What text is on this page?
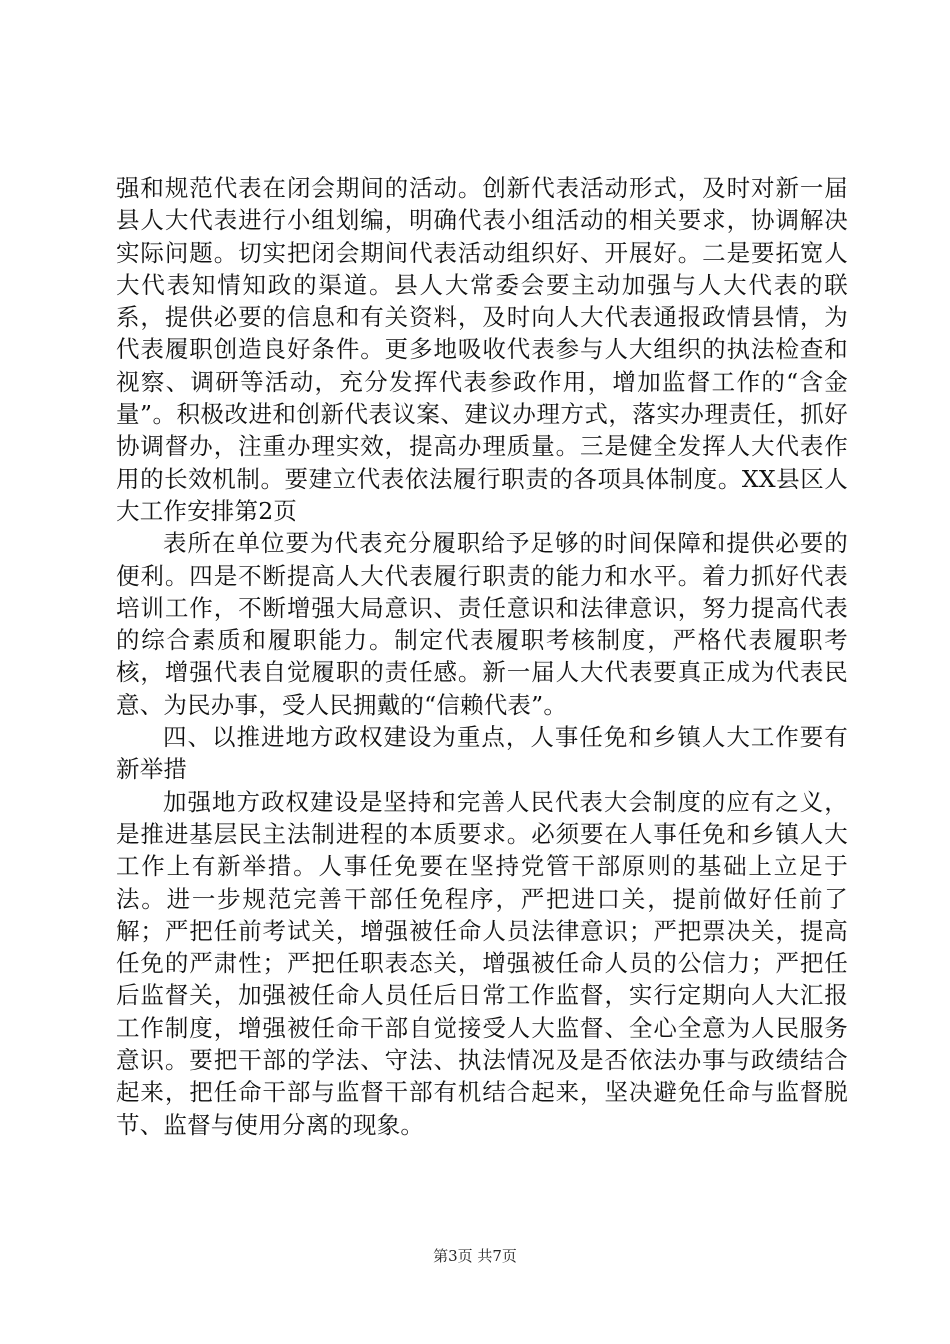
强和规范代表在闭会期间的活动。创新代表活动形式，及时对新一届县人大代表进行小组划编，明确代表小组活动的相关要求，协调解决实际问题。切实把闭会期间代表活动组织好、开展好。二是要拓宽人大代表知情知政的渠道。县人大常委会要主动加强与人大代表的联系，提供必要的信息和有关资料，及时向人大代表通报政情县情，为代表履职创造良好条件。更多地吸收代表参与人大组织的执法检查和视察、调研等活动，充分发挥代表参政作用，增加监督工作的“含金量”。积极改进和创新代表议案、建议办理方式，落实办理责任，抓好协调督办，注重办理实效，提高办理质量。三是健全发挥人大代表作用的长效机制。要建立代表依法履行职责的各项具体制度。XX县区人大工作安排第2页

表所在单位要为代表充分履职给予足够的时间保障和提供必要的便利。四是不断提高人大代表履行职责的能力和水平。着力抓好代表培训工作，不断增强大局意识、责任意识和法律意识，努力提高代表的综合素质和履职能力。制定代表履职考核制度，严格代表履职考核，增强代表自觉履职的责任感。新一届人大代表要真正成为代表民意、为民办事，受人民拥戴的“信赖代表”。

四、以推进地方政权建设为重点，人事任免和乡镇人大工作要有新举措

加强地方政权建设是坚持和完善人民代表大会制度的应有之义，是推进基层民主法制进程的本质要求。必须要在人事任免和乡镇人大工作上有新举措。人事任免要在坚持党管干部原则的基础上立足于法。进一步规范完善干部任免程序，严把进口关，提前做好任前了解；严把任前考试关，增强被任命人员法律意识；严把票决关，提高任免的严肃性；严把任职表态关，增强被任命人员的公信力；严把任后监督关，加强被任命人员任后日常工作监督，实行定期向人大汇报工作制度，增强被任命干部自觉接受人大监督、全心全意为人民服务意识。要把干部的学法、守法、执法情况及是否依法办事与政绩结合起来，把任命干部与监督干部有机结合起来，坚决避免任命与监督脱节、监督与使用分离的现象。

第3页 共7页
